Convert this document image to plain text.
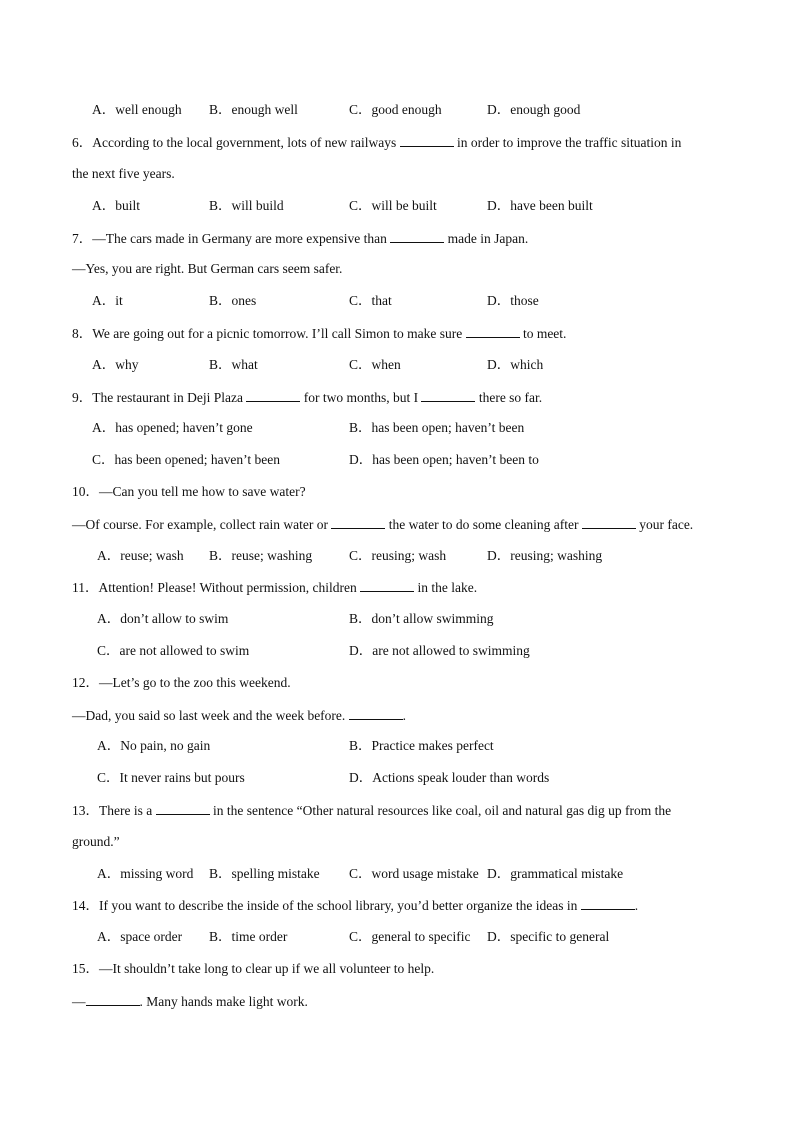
A．well enough B．enough well	C．good enough	D．enough good
6．According to the local government, lots of new railways	in order to improve the traffic situation in
the next five years.
A．built	B．will build	C．will be built	D．have been built
7．—The cars made in Germany are more expensive than	made in Japan.
—Yes, you are right. But German cars seem safer.
A．it	B．ones	C．that	D．those
8．We are going out for a picnic tomorrow. I’ll call Simon to make sure	to meet.
A．why	B．what	C．when	D．which
9．The restaurant in Deji Plaza	for two months, but I	there so far.
A．has opened; haven’t gone	B．has been open; haven’t been
C．has been opened; haven’t been	D．has been open; haven’t been to
10．—Can you tell me how to save water?
—Of course. For example, collect rain water or	the water to do some cleaning after	your face.
A．reuse; wash B．reuse; washing	C．reusing; wash	D．reusing; washing
11．Attention! Please! Without permission, children	in the lake.
A．don’t allow to swim	B．don’t allow swimming
C．are not allowed to swim	D．are not allowed to swimming
12．—Let’s go to the zoo this weekend.
—Dad, you said so last week and the week before.	.
A．No pain, no gain	B．Practice makes perfect
C．It never rains but pours	D．Actions speak louder than words
13．There is a	in the sentence “Other natural resources like coal, oil and natural gas dig up from the
ground.”
A．missing word B．spelling mistake C．word usage mistake D．grammatical mistake
14．If you want to describe the inside of the school library, you’d better organize the ideas in	.
A．space order B．time order	C．general to specific D．specific to general
15．—It shouldn’t take long to clear up if we all volunteer to help.
—	. Many hands make light work.
